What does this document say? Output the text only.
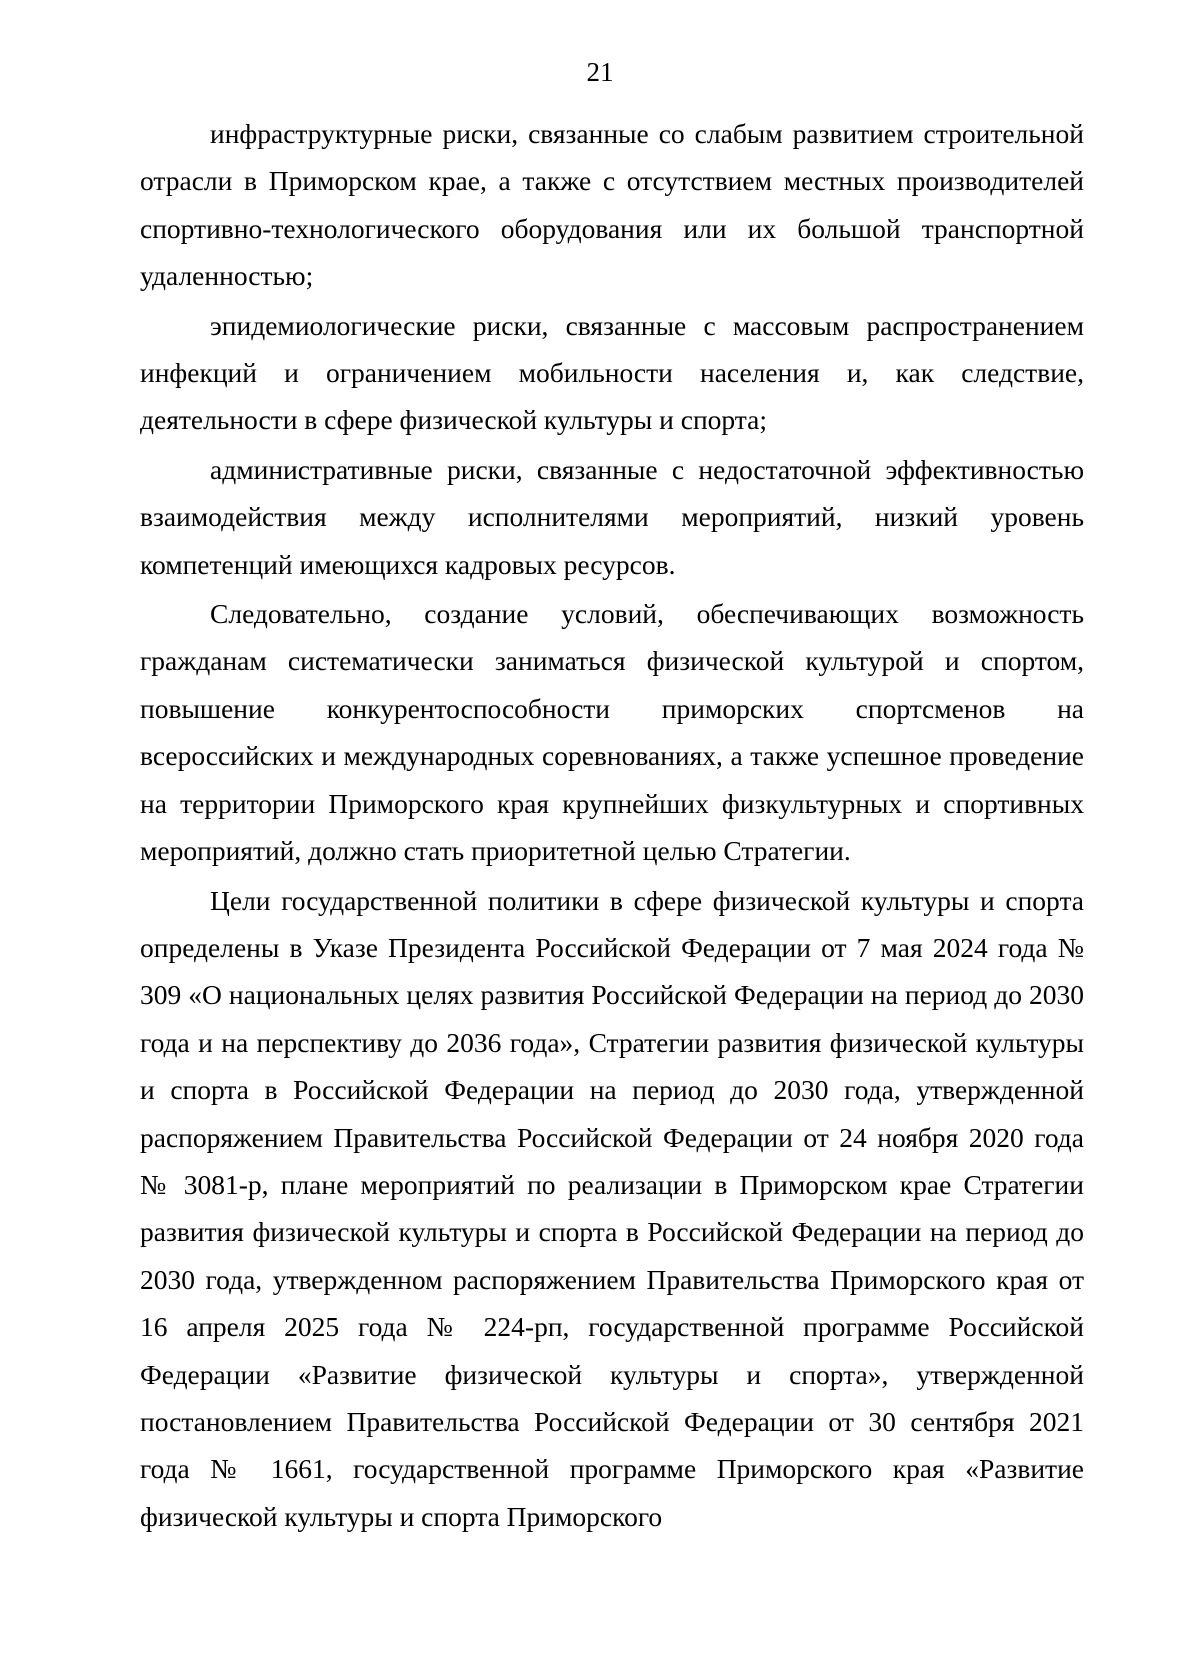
21

инфраструктурные риски, связанные со слабым развитием строительной отрасли в Приморском крае, а также с отсутствием местных производителей спортивно-технологического оборудования или их большой транспортной удаленностью;

эпидемиологические риски, связанные с массовым распространением инфекций и ограничением мобильности населения и, как следствие, деятельности в сфере физической культуры и спорта;

административные риски, связанные с недостаточной эффективностью взаимодействия между исполнителями мероприятий, низкий уровень компетенций имеющихся кадровых ресурсов.

Следовательно, создание условий, обеспечивающих возможность гражданам систематически заниматься физической культурой и спортом, повышение конкурентоспособности приморских спортсменов на всероссийских и международных соревнованиях, а также успешное проведение на территории Приморского края крупнейших физкультурных и спортивных мероприятий, должно стать приоритетной целью Стратегии.

Цели государственной политики в сфере физической культуры и спорта определены в Указе Президента Российской Федерации от 7 мая 2024 года № 309 «О национальных целях развития Российской Федерации на период до 2030 года и на перспективу до 2036 года», Стратегии развития физической культуры и спорта в Российской Федерации на период до 2030 года, утвержденной распоряжением Правительства Российской Федерации от 24 ноября 2020 года № 3081-р, плане мероприятий по реализации в Приморском крае Стратегии развития физической культуры и спорта в Российской Федерации на период до 2030 года, утвержденном распоряжением Правительства Приморского края от 16 апреля 2025 года № 224-рп, государственной программе Российской Федерации «Развитие физической культуры и спорта», утвержденной постановлением Правительства Российской Федерации от 30 сентября 2021 года № 1661, государственной программе Приморского края «Развитие физической культуры и спорта Приморского
